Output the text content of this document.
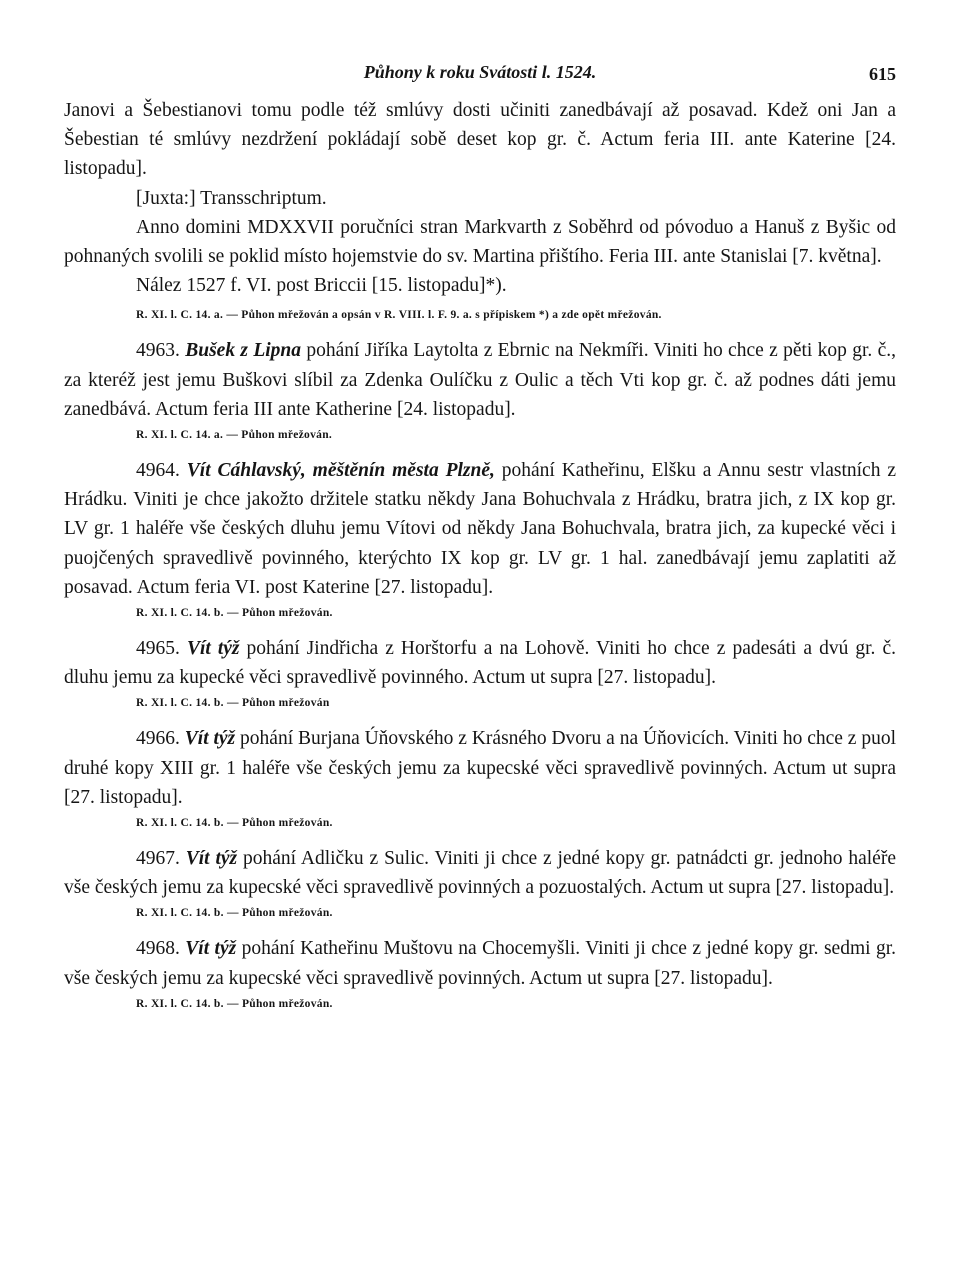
Půhony k roku Svátosti l. 1524.	615

Janovi a Šebestianovi tomu podle též smlúvy dosti učiniti zanedbávají až posavad. Kdež oni Jan a Šebestian té smlúvy nezdržení pokládají sobě deset kop gr. č. Actum feria III. ante Katerine [24. listopadu].

[Juxta:] Transschriptum.

Anno domini MDXXVII poručníci stran Markvarth z Soběhrd od póvoduo a Hanuš z Byšic od pohnaných svolili se poklid místo hojemstvie do sv. Martina přištího. Feria III. ante Stanislai [7. května].

Nález 1527 f. VI. post Briccii [15. listopadu]*).

R. XI. l. C. 14. a. — Půhon mřežován a opsán v R. VIII. l. F. 9. a. s přípiskem *) a zde opět mřežován.

4963. Bušek z Lipna pohání Jiříka Laytolta z Ebrnic na Nekmíři. Viniti ho chce z pěti kop gr. č., za kteréž jest jemu Buškovi slíbil za Zdenka Oulíčku z Oulic a těch Vti kop gr. č. až podnes dáti jemu zanedbává. Actum feria III ante Katherine [24. listopadu].

R. XI. l. C. 14. a. — Půhon mřežován.

4964. Vít Cáhlavský, měštěnín města Plzně, pohání Katheřinu, Elšku a Annu sestr vlastních z Hrádku. Viniti je chce jakožto držitele statku někdy Jana Bohuchvala z Hrádku, bratra jich, z IX kop gr. LV gr. 1 haléře vše českých dluhu jemu Vítovi od někdy Jana Bohuchvala, bratra jich, za kupecké věci i puojčených spravedlivě povinného, kterýchto IX kop gr. LV gr. 1 hal. zanedbávají jemu zaplatiti až posavad. Actum feria VI. post Katerine [27. listopadu].

R. XI. l. C. 14. b. — Půhon mřežován.

4965. Vít týž pohání Jindřicha z Horštorfu a na Lohově. Viniti ho chce z padesáti a dvú gr. č. dluhu jemu za kupecké věci spravedlivě povinného. Actum ut supra [27. listopadu].

R. XI. l. C. 14. b. — Půhon mřežován

4966. Vít týž pohání Burjana Úňovského z Krásného Dvoru a na Úňovicích. Viniti ho chce z puol druhé kopy XIII gr. 1 haléře vše českých jemu za kupecské věci spravedlivě povinných. Actum ut supra [27. listopadu].

R. XI. l. C. 14. b. — Půhon mřežován.

4967. Vít týž pohání Adličku z Sulic. Viniti ji chce z jedné kopy gr. patnádcti gr. jednoho haléře vše českých jemu za kupecské věci spravedlivě povinných a pozuostalých. Actum ut supra [27. listopadu].

R. XI. l. C. 14. b. — Půhon mřežován.

4968. Vít týž pohání Katheřinu Muštovu na Chocemyšli. Viniti ji chce z jedné kopy gr. sedmi gr. vše českých jemu za kupecské věci spravedlivě povinných. Actum ut supra [27. listopadu].

R. XI. l. C. 14. b. — Půhon mřežován.
